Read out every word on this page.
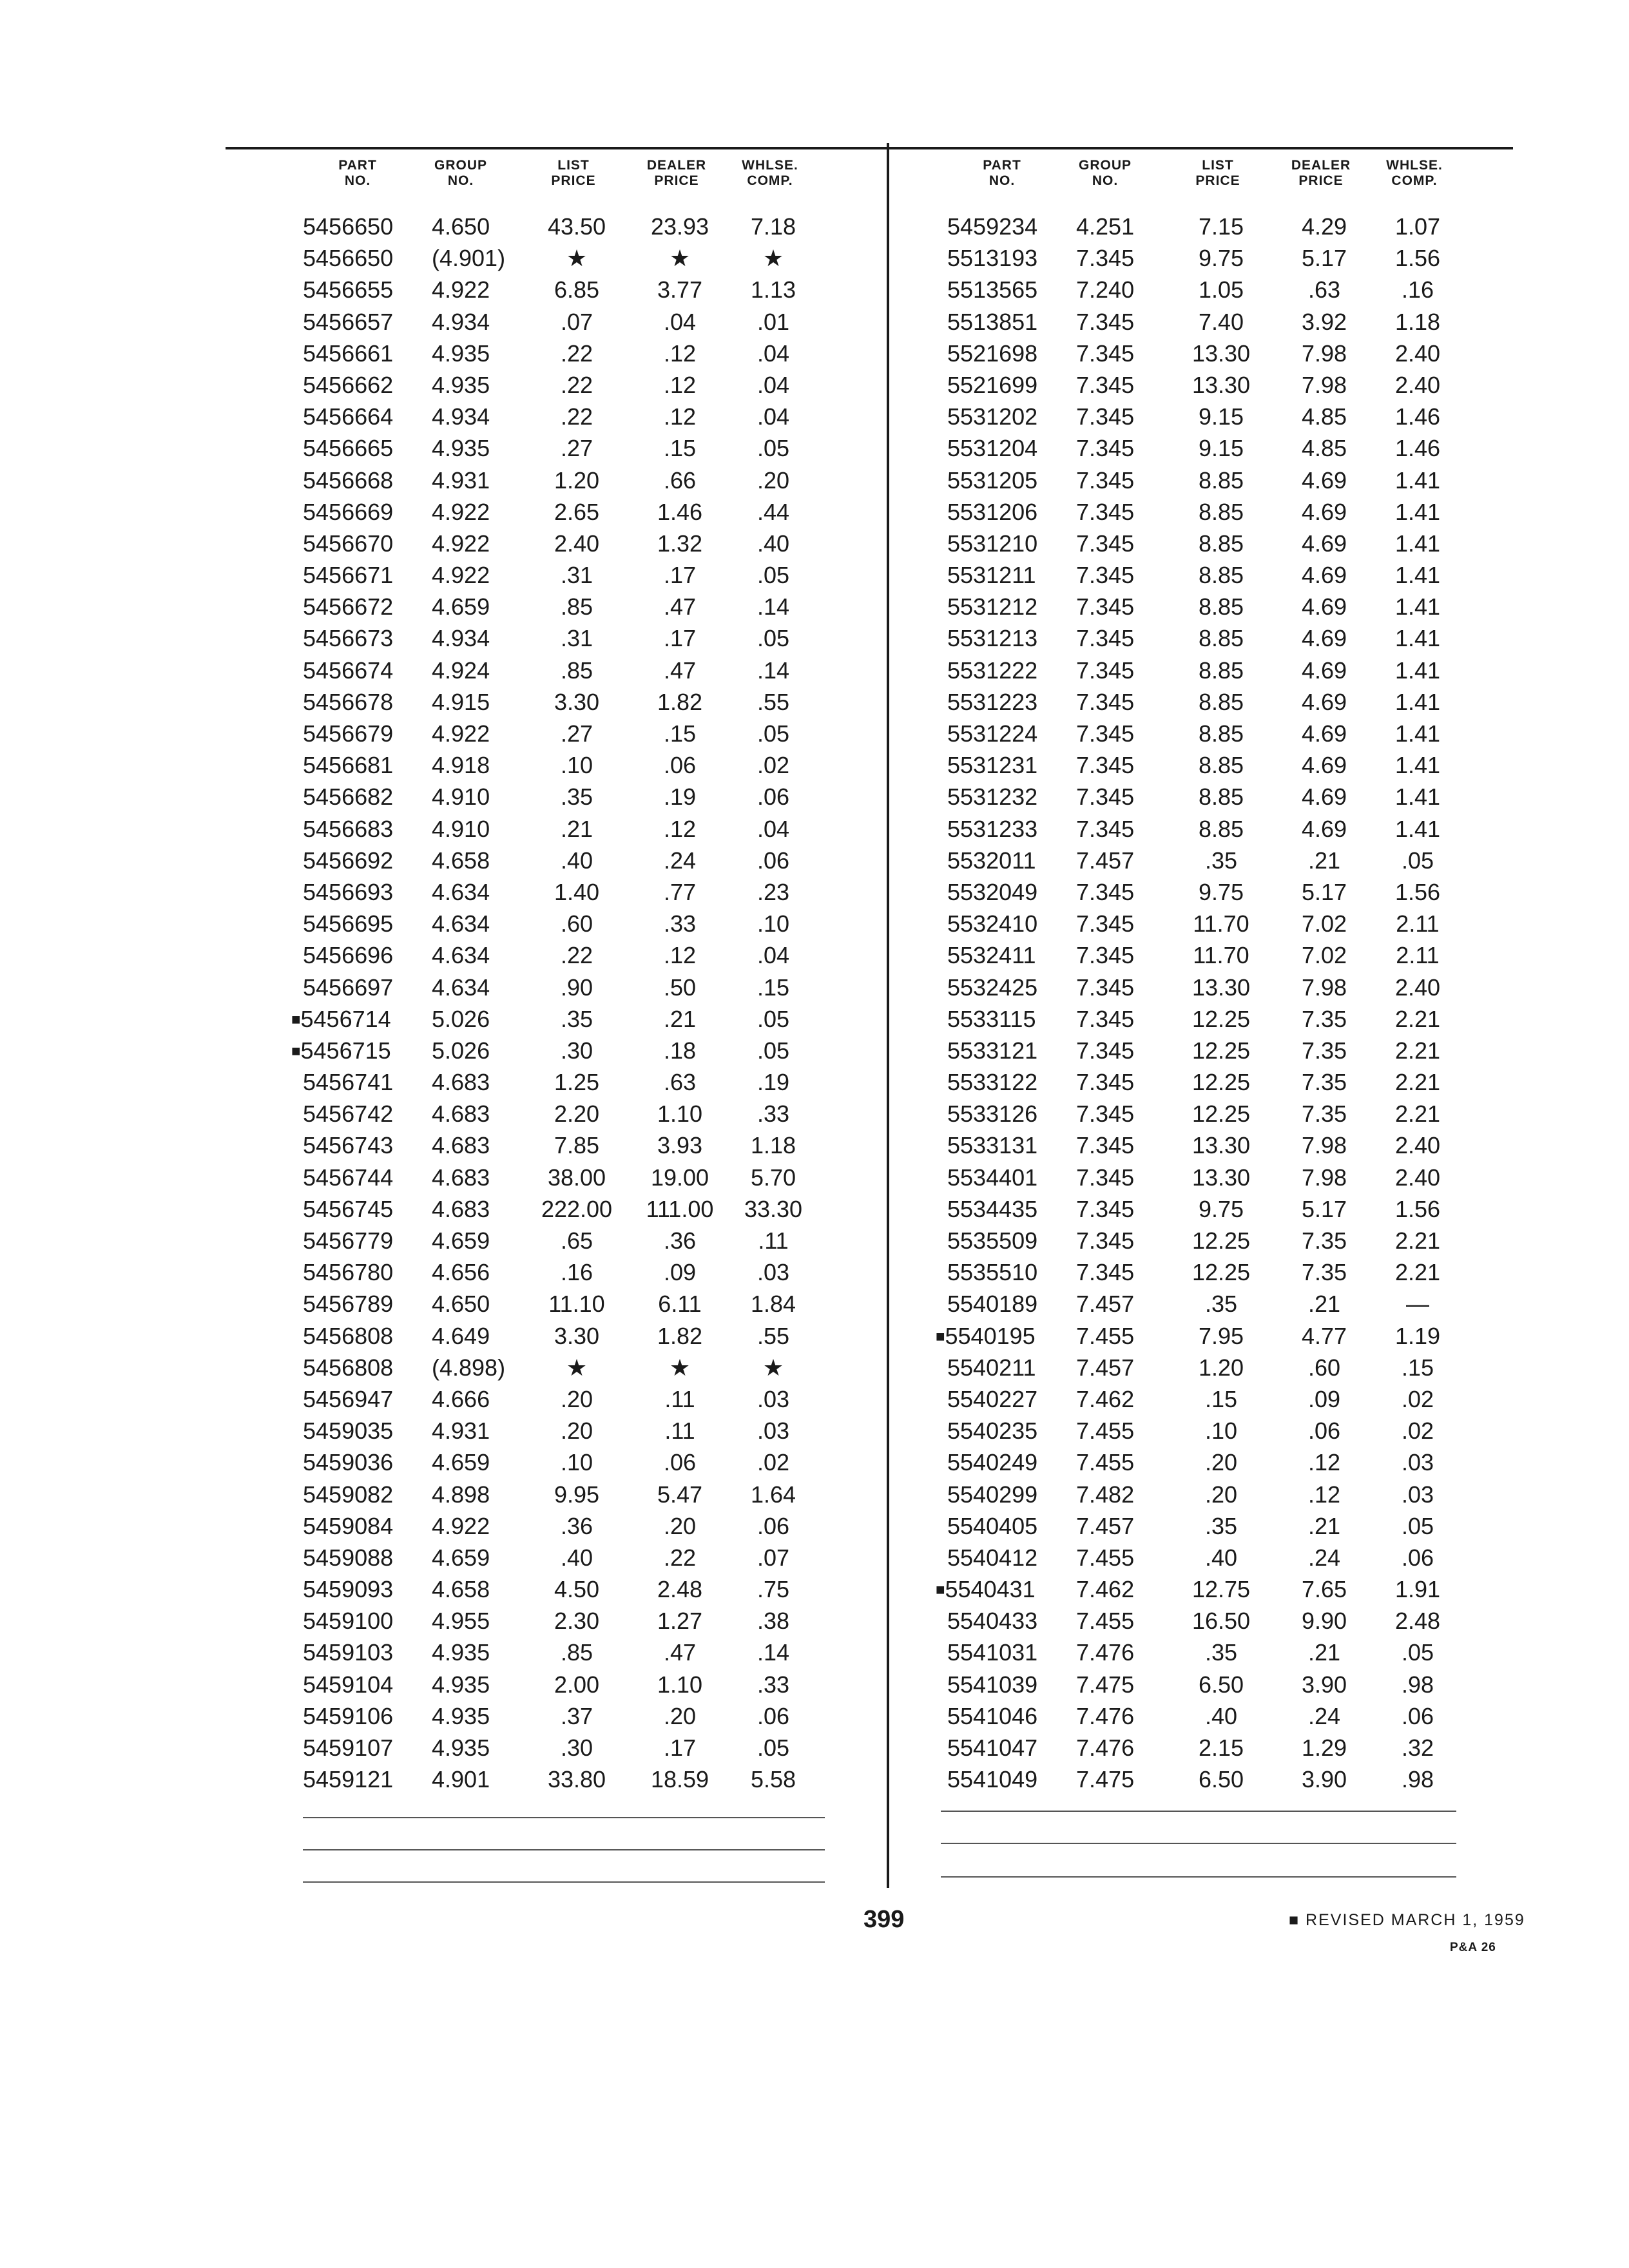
PART
NO.
GROUP
NO.
LIST
PRICE
DEALER
PRICE
WHLSE.
COMP.
5456650	4.650	43.50	23.93	7.18
5456650	(4.901)	★	★	★
5456655	4.922	6.85	3.77	1.13
5456657	4.934	.07	.04	.01
5456661	4.935	.22	.12	.04
5456662	4.935	.22	.12	.04
5456664	4.934	.22	.12	.04
5456665	4.935	.27	.15	.05
5456668	4.931	1.20	.66	.20
5456669	4.922	2.65	1.46	.44
5456670	4.922	2.40	1.32	.40
5456671	4.922	.31	.17	.05
5456672	4.659	.85	.47	.14
5456673	4.934	.31	.17	.05
5456674	4.924	.85	.47	.14
5456678	4.915	3.30	1.82	.55
5456679	4.922	.27	.15	.05
5456681	4.918	.10	.06	.02
5456682	4.910	.35	.19	.06
5456683	4.910	.21	.12	.04
5456692	4.658	.40	.24	.06
5456693	4.634	1.40	.77	.23
5456695	4.634	.60	.33	.10
5456696	4.634	.22	.12	.04
5456697	4.634	.90	.50	.15
■5456714	5.026	.35	.21	.05
■5456715	5.026	.30	.18	.05
5456741	4.683	1.25	.63	.19
5456742	4.683	2.20	1.10	.33
5456743	4.683	7.85	3.93	1.18
5456744	4.683	38.00	19.00	5.70
5456745	4.683	222.00	111.00	33.30
5456779	4.659	.65	.36	.11
5456780	4.656	.16	.09	.03
5456789	4.650	11.10	6.11	1.84
5456808	4.649	3.30	1.82	.55
5456808	(4.898)	★	★	★
5456947	4.666	.20	.11	.03
5459035	4.931	.20	.11	.03
5459036	4.659	.10	.06	.02
5459082	4.898	9.95	5.47	1.64
5459084	4.922	.36	.20	.06
5459088	4.659	.40	.22	.07
5459093	4.658	4.50	2.48	.75
5459100	4.955	2.30	1.27	.38
5459103	4.935	.85	.47	.14
5459104	4.935	2.00	1.10	.33
5459106	4.935	.37	.20	.06
5459107	4.935	.30	.17	.05
5459121	4.901	33.80	18.59	5.58
PART
NO.
GROUP
NO.
LIST
PRICE
DEALER
PRICE
WHLSE.
COMP.
5459234	4.251	7.15	4.29	1.07
5513193	7.345	9.75	5.17	1.56
5513565	7.240	1.05	.63	.16
5513851	7.345	7.40	3.92	1.18
5521698	7.345	13.30	7.98	2.40
5521699	7.345	13.30	7.98	2.40
5531202	7.345	9.15	4.85	1.46
5531204	7.345	9.15	4.85	1.46
5531205	7.345	8.85	4.69	1.41
5531206	7.345	8.85	4.69	1.41
5531210	7.345	8.85	4.69	1.41
5531211	7.345	8.85	4.69	1.41
5531212	7.345	8.85	4.69	1.41
5531213	7.345	8.85	4.69	1.41
5531222	7.345	8.85	4.69	1.41
5531223	7.345	8.85	4.69	1.41
5531224	7.345	8.85	4.69	1.41
5531231	7.345	8.85	4.69	1.41
5531232	7.345	8.85	4.69	1.41
5531233	7.345	8.85	4.69	1.41
5532011	7.457	.35	.21	.05
5532049	7.345	9.75	5.17	1.56
5532410	7.345	11.70	7.02	2.11
5532411	7.345	11.70	7.02	2.11
5532425	7.345	13.30	7.98	2.40
5533115	7.345	12.25	7.35	2.21
5533121	7.345	12.25	7.35	2.21
5533122	7.345	12.25	7.35	2.21
5533126	7.345	12.25	7.35	2.21
5533131	7.345	13.30	7.98	2.40
5534401	7.345	13.30	7.98	2.40
5534435	7.345	9.75	5.17	1.56
5535509	7.345	12.25	7.35	2.21
5535510	7.345	12.25	7.35	2.21
5540189	7.457	.35	.21	—
■5540195	7.455	7.95	4.77	1.19
5540211	7.457	1.20	.60	.15
5540227	7.462	.15	.09	.02
5540235	7.455	.10	.06	.02
5540249	7.455	.20	.12	.03
5540299	7.482	.20	.12	.03
5540405	7.457	.35	.21	.05
5540412	7.455	.40	.24	.06
■5540431	7.462	12.75	7.65	1.91
5540433	7.455	16.50	9.90	2.48
5541031	7.476	.35	.21	.05
5541039	7.475	6.50	3.90	.98
5541046	7.476	.40	.24	.06
5541047	7.476	2.15	1.29	.32
5541049	7.475	6.50	3.90	.98
399	■ REVISED MARCH 1, 1959
P&A 26
